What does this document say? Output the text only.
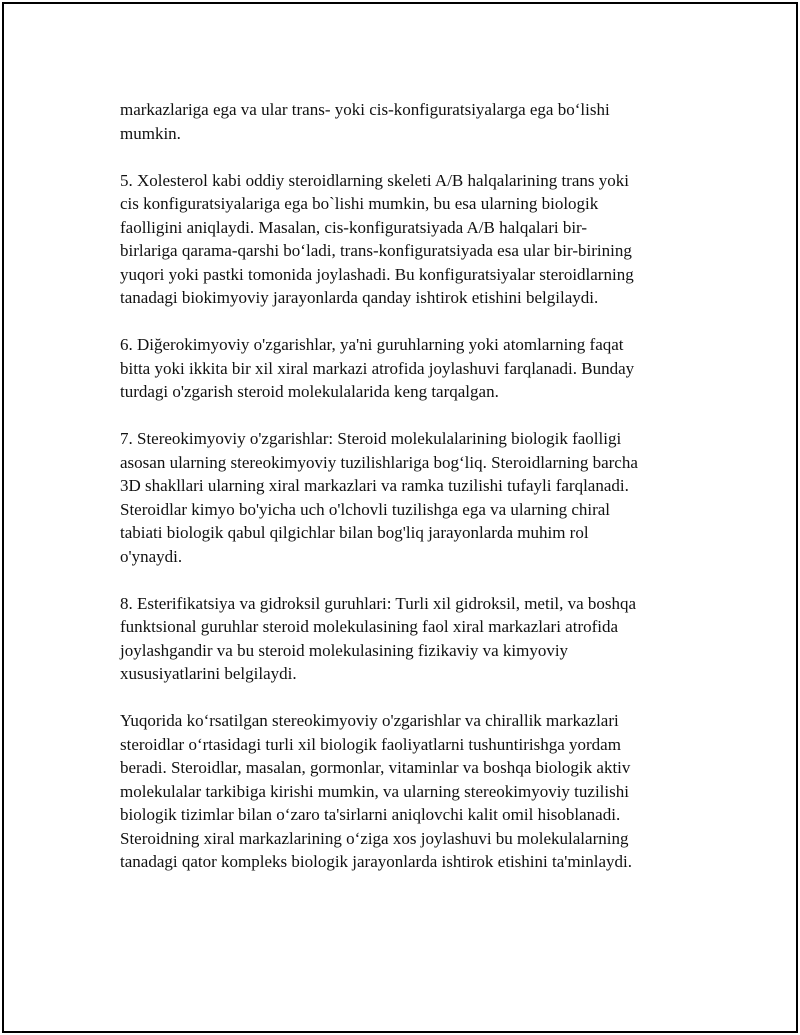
markazlariga ega va ular trans- yoki cis-konfiguratsiyalarga ega boʻlishi
mumkin.

5. Xolesterol kabi oddiy steroidlarning skeleti A/B halqalarining trans yoki
cis konfiguratsiyalariga ega bo`lishi mumkin, bu esa ularning biologik
faolligini aniqlaydi. Masalan, cis-konfiguratsiyada A/B halqalari bir-
birlariga qarama-qarshi boʻladi, trans-konfiguratsiyada esa ular bir-birining
yuqori yoki pastki tomonida joylashadi. Bu konfiguratsiyalar steroidlarning
tanadagi biokimyoviy jarayonlarda qanday ishtirok etishini belgilaydi.

6. Diğerokimyoviy o'zgarishlar, ya'ni guruhlarning yoki atomlarning faqat
bitta yoki ikkita bir xil xiral markazi atrofida joylashuvi farqlanadi. Bunday
turdagi o'zgarish steroid molekulalarida keng tarqalgan.

7. Stereokimyoviy o'zgarishlar: Steroid molekulalarining biologik faolligi
asosan ularning stereokimyoviy tuzilishlariga bogʻliq. Steroidlarning barcha
3D shakllari ularning xiral markazlari va ramka tuzilishi tufayli farqlanadi.
Steroidlar kimyo bo'yicha uch o'lchovli tuzilishga ega va ularning chiral
tabiati biologik qabul qilgichlar bilan bog'liq jarayonlarda muhim rol
o'ynaydi.

8. Esterifikatsiya va gidroksil guruhlari: Turli xil gidroksil, metil, va boshqa
funktsional guruhlar steroid molekulasining faol xiral markazlari atrofida
joylashgandir va bu steroid molekulasining fizikaviy va kimyoviy
xususiyatlarini belgilaydi.

Yuqorida koʻrsatilgan stereokimyoviy o'zgarishlar va chirallik markazlari
steroidlar oʻrtasidagi turli xil biologik faoliyatlarni tushuntirishga yordam
beradi. Steroidlar, masalan, gormonlar, vitaminlar va boshqa biologik aktiv
molekulalar tarkibiga kirishi mumkin, va ularning stereokimyoviy tuzilishi
biologik tizimlar bilan oʻzaro ta'sirlarni aniqlovchi kalit omil hisoblanadi.
Steroidning xiral markazlarining oʻziga xos joylashuvi bu molekulalarning
tanadagi qator kompleks biologik jarayonlarda ishtirok etishini ta'minlaydi.
